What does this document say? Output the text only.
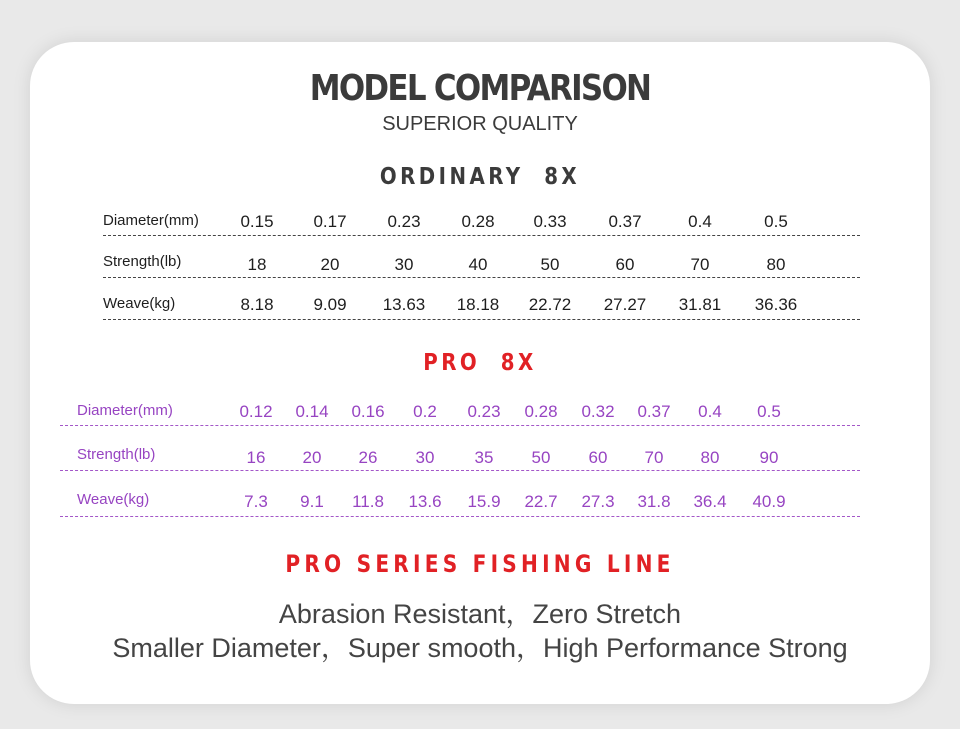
MODEL COMPARISON
SUPERIOR QUALITY
ORDINARY  8X
Diameter(mm)	0.15	0.17	0.23	0.28	0.33	0.37	0.4	0.5
Strength(lb)	18	20	30	40	50	60	70	80
Weave(kg)	8.18	9.09	13.63	18.18	22.72	27.27	31.81	36.36
PRO  8X
Diameter(mm)	0.12	0.14	0.16	0.2	0.23	0.28	0.32	0.37	0.4	0.5
Strength(lb)	16	20	26	30	35	50	60	70	80	90
Weave(kg)	7.3	9.1	11.8	13.6	15.9	22.7	27.3	31.8	36.4	40.9
PRO SERIES FISHING LINE
Abrasion Resistant，Zero Stretch
Smaller Diameter，Super smooth，High Performance Strong
